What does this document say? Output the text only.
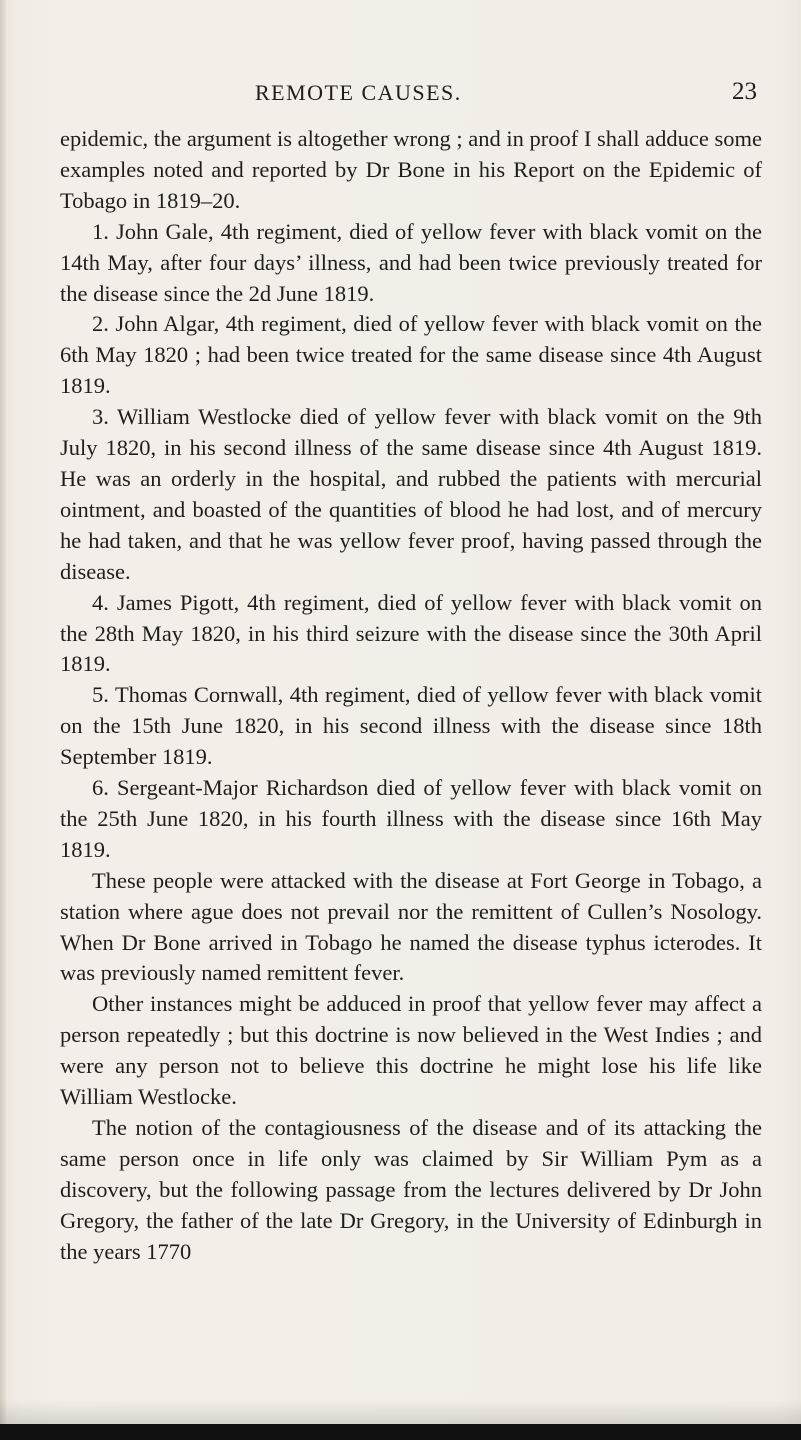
REMOTE CAUSES.	23

epidemic, the argument is altogether wrong ; and in proof I shall adduce some examples noted and reported by Dr Bone in his Report on the Epidemic of Tobago in 1819–20.

1. John Gale, 4th regiment, died of yellow fever with black vomit on the 14th May, after four days’ illness, and had been twice previously treated for the disease since the 2d June 1819.

2. John Algar, 4th regiment, died of yellow fever with black vomit on the 6th May 1820 ; had been twice treated for the same disease since 4th August 1819.

3. William Westlocke died of yellow fever with black vomit on the 9th July 1820, in his second illness of the same disease since 4th August 1819. He was an orderly in the hospital, and rubbed the patients with mercurial ointment, and boasted of the quantities of blood he had lost, and of mercury he had taken, and that he was yellow fever proof, having passed through the disease.

4. James Pigott, 4th regiment, died of yellow fever with black vomit on the 28th May 1820, in his third seizure with the disease since the 30th April 1819.

5. Thomas Cornwall, 4th regiment, died of yellow fever with black vomit on the 15th June 1820, in his second illness with the disease since 18th September 1819.

6. Sergeant-Major Richardson died of yellow fever with black vomit on the 25th June 1820, in his fourth illness with the disease since 16th May 1819.

These people were attacked with the disease at Fort George in Tobago, a station where ague does not prevail nor the remittent of Cullen’s Nosology. When Dr Bone arrived in Tobago he named the disease typhus icterodes. It was previously named remittent fever.

Other instances might be adduced in proof that yellow fever may affect a person repeatedly ; but this doctrine is now believed in the West Indies ; and were any person not to believe this doctrine he might lose his life like William Westlocke.

The notion of the contagiousness of the disease and of its attacking the same person once in life only was claimed by Sir William Pym as a discovery, but the following passage from the lectures delivered by Dr John Gregory, the father of the late Dr Gregory, in the University of Edinburgh in the years 1770
